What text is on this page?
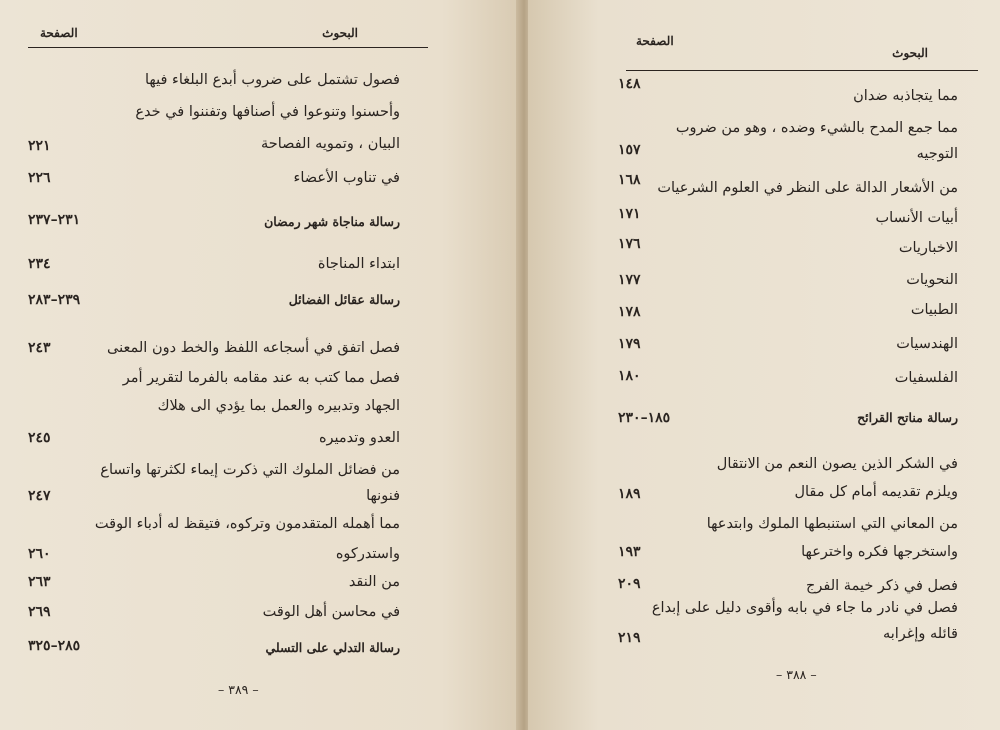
البحوث
الصفحة
– ٣٨٩ –
فصول تشتمل على ضروب أبدع البلغاء فيها
وأحسنوا وتنوعوا في أصنافها وتفننوا في خدع
البيان ، وتمويه الفصاحة
٢٢١
في تناوب الأعضاء
٢٢٦
رسالة مناجاة شهر رمضان
٢٣١–٢٣٧
ابتداء المناجاة
٢٣٤
رسالة عقائل الفضائل
٢٣٩–٢٨٣
فصل اتفق في أسجاعه اللفظ والخط دون المعنى
٢٤٣
فصل مما كتب به عند مقامه بالفرما لتقرير أمر
الجهاد وتدبيره والعمل بما يؤدي الى هلاك
العدو وتدميره
٢٤٥
من فضائل الملوك التي ذكرت إيماء لكثرتها واتساع
فنونها
٢٤٧
مما أهمله المتقدمون وتركوه، فتيقظ له أدباء الوقت
واستدركوه
٢٦٠
من النقد
٢٦٣
في محاسن أهل الوقت
٢٦٩
رسالة التدلي على التسلي
٢٨٥–٣٢٥
البحوث
الصفحة
– ٣٨٨ –
مما يتجاذبه ضدان
١٤٨
مما جمع المدح بالشيء وضده ، وهو من ضروب
التوجيه
١٥٧
من الأشعار الدالة على النظر في العلوم الشرعيات
١٦٨
أبيات الأنساب
١٧١
الاخباريات
١٧٦
النحويات
١٧٧
الطبيات
١٧٨
الهندسيات
١٧٩
الفلسفيات
١٨٠
رسالة مناتح القرائح
١٨٥–٢٣٠
في الشكر الذين يصون النعم من الانتقال
ويلزم تقديمه أمام كل مقال
١٨٩
من المعاني التي استنبطها الملوك وابتدعها
واستخرجها فكره واخترعها
١٩٣
فصل في ذكر خيمة الفرج
٢٠٩
فصل في نادر ما جاء في بابه وأقوى دليل على إبداع
قائله وإغرابه
٢١٩
